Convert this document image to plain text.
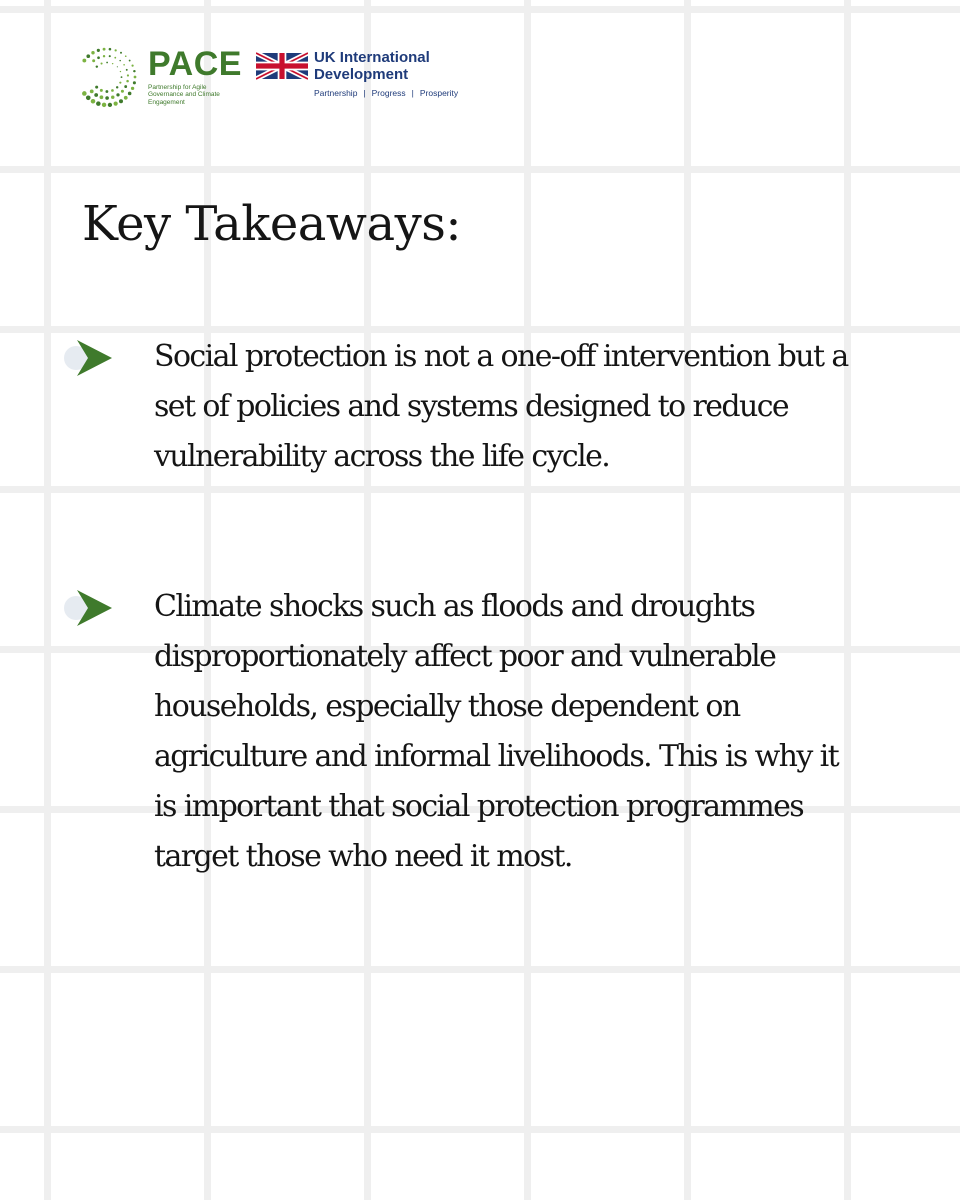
PACE
Partnership for Agile Governance and Climate Engagement
UK International
Development
Partnership | Progress | Prosperity
Key Takeaways:

Social protection is not a one-off intervention but a set of policies and systems designed to reduce vulnerability across the life cycle.

Climate shocks such as floods and droughts disproportionately affect poor and vulnerable households, especially those dependent on agriculture and informal livelihoods. This is why it is important that social protection programmes target those who need it most.
